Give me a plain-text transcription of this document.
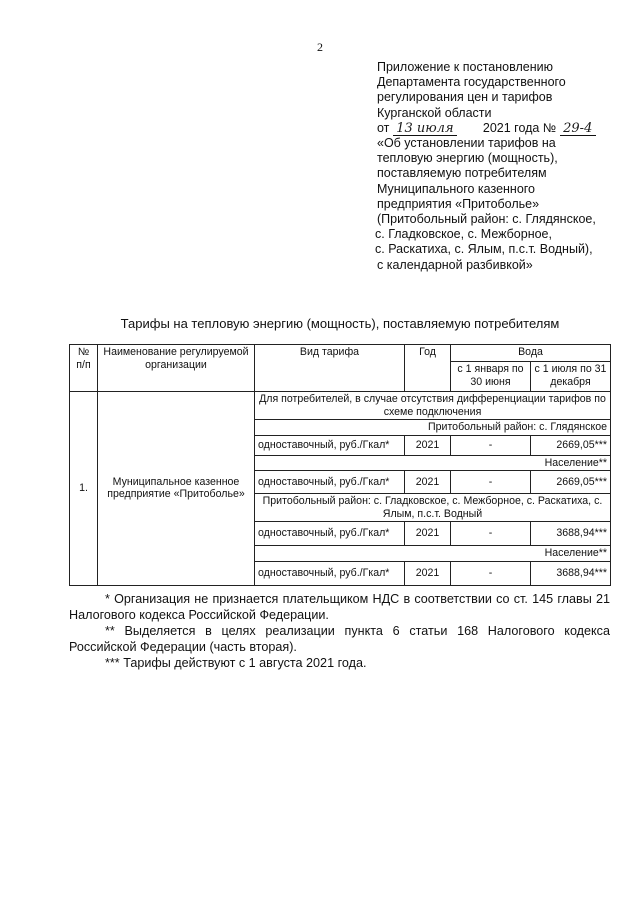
2
Приложение к постановлению
Департамента государственного
регулирования цен и тарифов
Курганской области
от 13 июля 2021 года № 29-4
«Об установлении тарифов на
тепловую энергию (мощность),
поставляемую потребителям
Муниципального казенного
предприятия «Притоболье»
(Притобольный район: с. Глядянское,
с. Гладковское, с. Межборное,
с. Раскатиха, с. Ялым, п.с.т. Водный),
с календарной разбивкой»
Тарифы на тепловую энергию (мощность), поставляемую потребителям
№ п/п	Наименование регулируемой организации	Вид тарифа	Год	Вода	
				с 1 января по 30 июня	с 1 июля по 31 декабря
1.	Муниципальное казенное предприятие «Притоболье»	Для потребителей, в случае отсутствия дифференциации тарифов по схеме подключения			
		Притобольный район: с. Глядянское			
		одноставочный, руб./Гкал*	2021	-	2669,05***
		Население**			
		одноставочный, руб./Гкал*	2021	-	2669,05***
		Притобольный район: с. Гладковское, с. Межборное, с. Раскатиха, с. Ялым, п.с.т. Водный			
		одноставочный, руб./Гкал*	2021	-	3688,94***
		Население**			
		одноставочный, руб./Гкал*	2021	-	3688,94***

* Организация не признается плательщиком НДС в соответствии со ст. 145 главы 21 Налогового кодекса Российской Федерации.

** Выделяется в целях реализации пункта 6 статьи 168 Налогового кодекса Российской Федерации (часть вторая).

*** Тарифы действуют с 1 августа 2021 года.
